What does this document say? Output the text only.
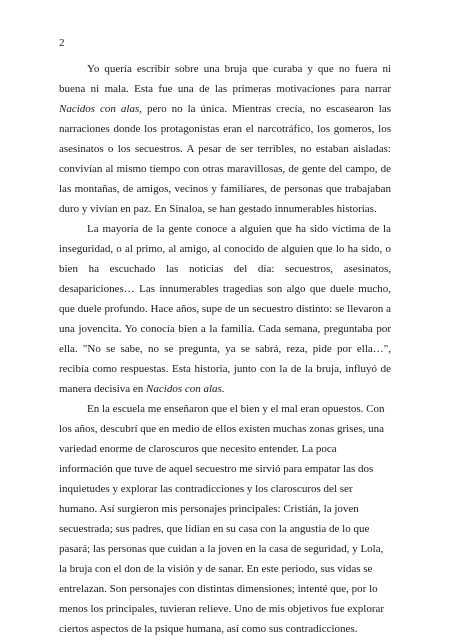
2

Yo quería escribir sobre una bruja que curaba y que no fuera ni buena ni mala. Esta fue una de las primeras motivaciones para narrar Nacidos con alas, pero no la única. Mientras crecía, no escasearon las narraciones donde los protagonistas eran el narcotráfico, los gomeros, los asesinatos o los secuestros. A pesar de ser terribles, no estaban aisladas: convivían al mismo tiempo con otras maravillosas, de gente del campo, de las montañas, de amigos, vecinos y familiares, de personas que trabajaban duro y vivían en paz. En Sinaloa, se han gestado innumerables historias.

La mayoría de la gente conoce a alguien que ha sido víctima de la inseguridad, o al primo, al amigo, al conocido de alguien que lo ha sido, o bien ha escuchado las noticias del día: secuestros, asesinatos, desapariciones… Las innumerables tragedias son algo que duele mucho, que duele profundo. Hace años, supe de un secuestro distinto: se llevaron a una jovencita. Yo conocía bien a la familia. Cada semana, preguntaba por ella. "No se sabe, no se pregunta, ya se sabrá, reza, pide por ella…", recibía como respuestas. Esta historia, junto con la de la bruja, influyó de manera decisiva en Nacidos con alas.

En la escuela me enseñaron que el bien y el mal eran opuestos. Con los años, descubrí que en medio de ellos existen muchas zonas grises, una variedad enorme de claroscuros que necesito entender. La poca información que tuve de aquel secuestro me sirvió para empatar las dos inquietudes y explorar las contradicciones y los claroscuros del ser humano. Así surgieron mis personajes principales: Cristián, la joven secuestrada; sus padres, que lidian en su casa con la angustia de lo que pasará; las personas que cuidan a la joven en la casa de seguridad, y Lola, la bruja con el don de la visión y de sanar. En este periodo, sus vidas se entrelazan. Son personajes con distintas dimensiones; intenté que, por lo menos los principales, tuvieran relieve. Uno de mis objetivos fue explorar ciertos aspectos de la psique humana, así como sus contradicciones.
